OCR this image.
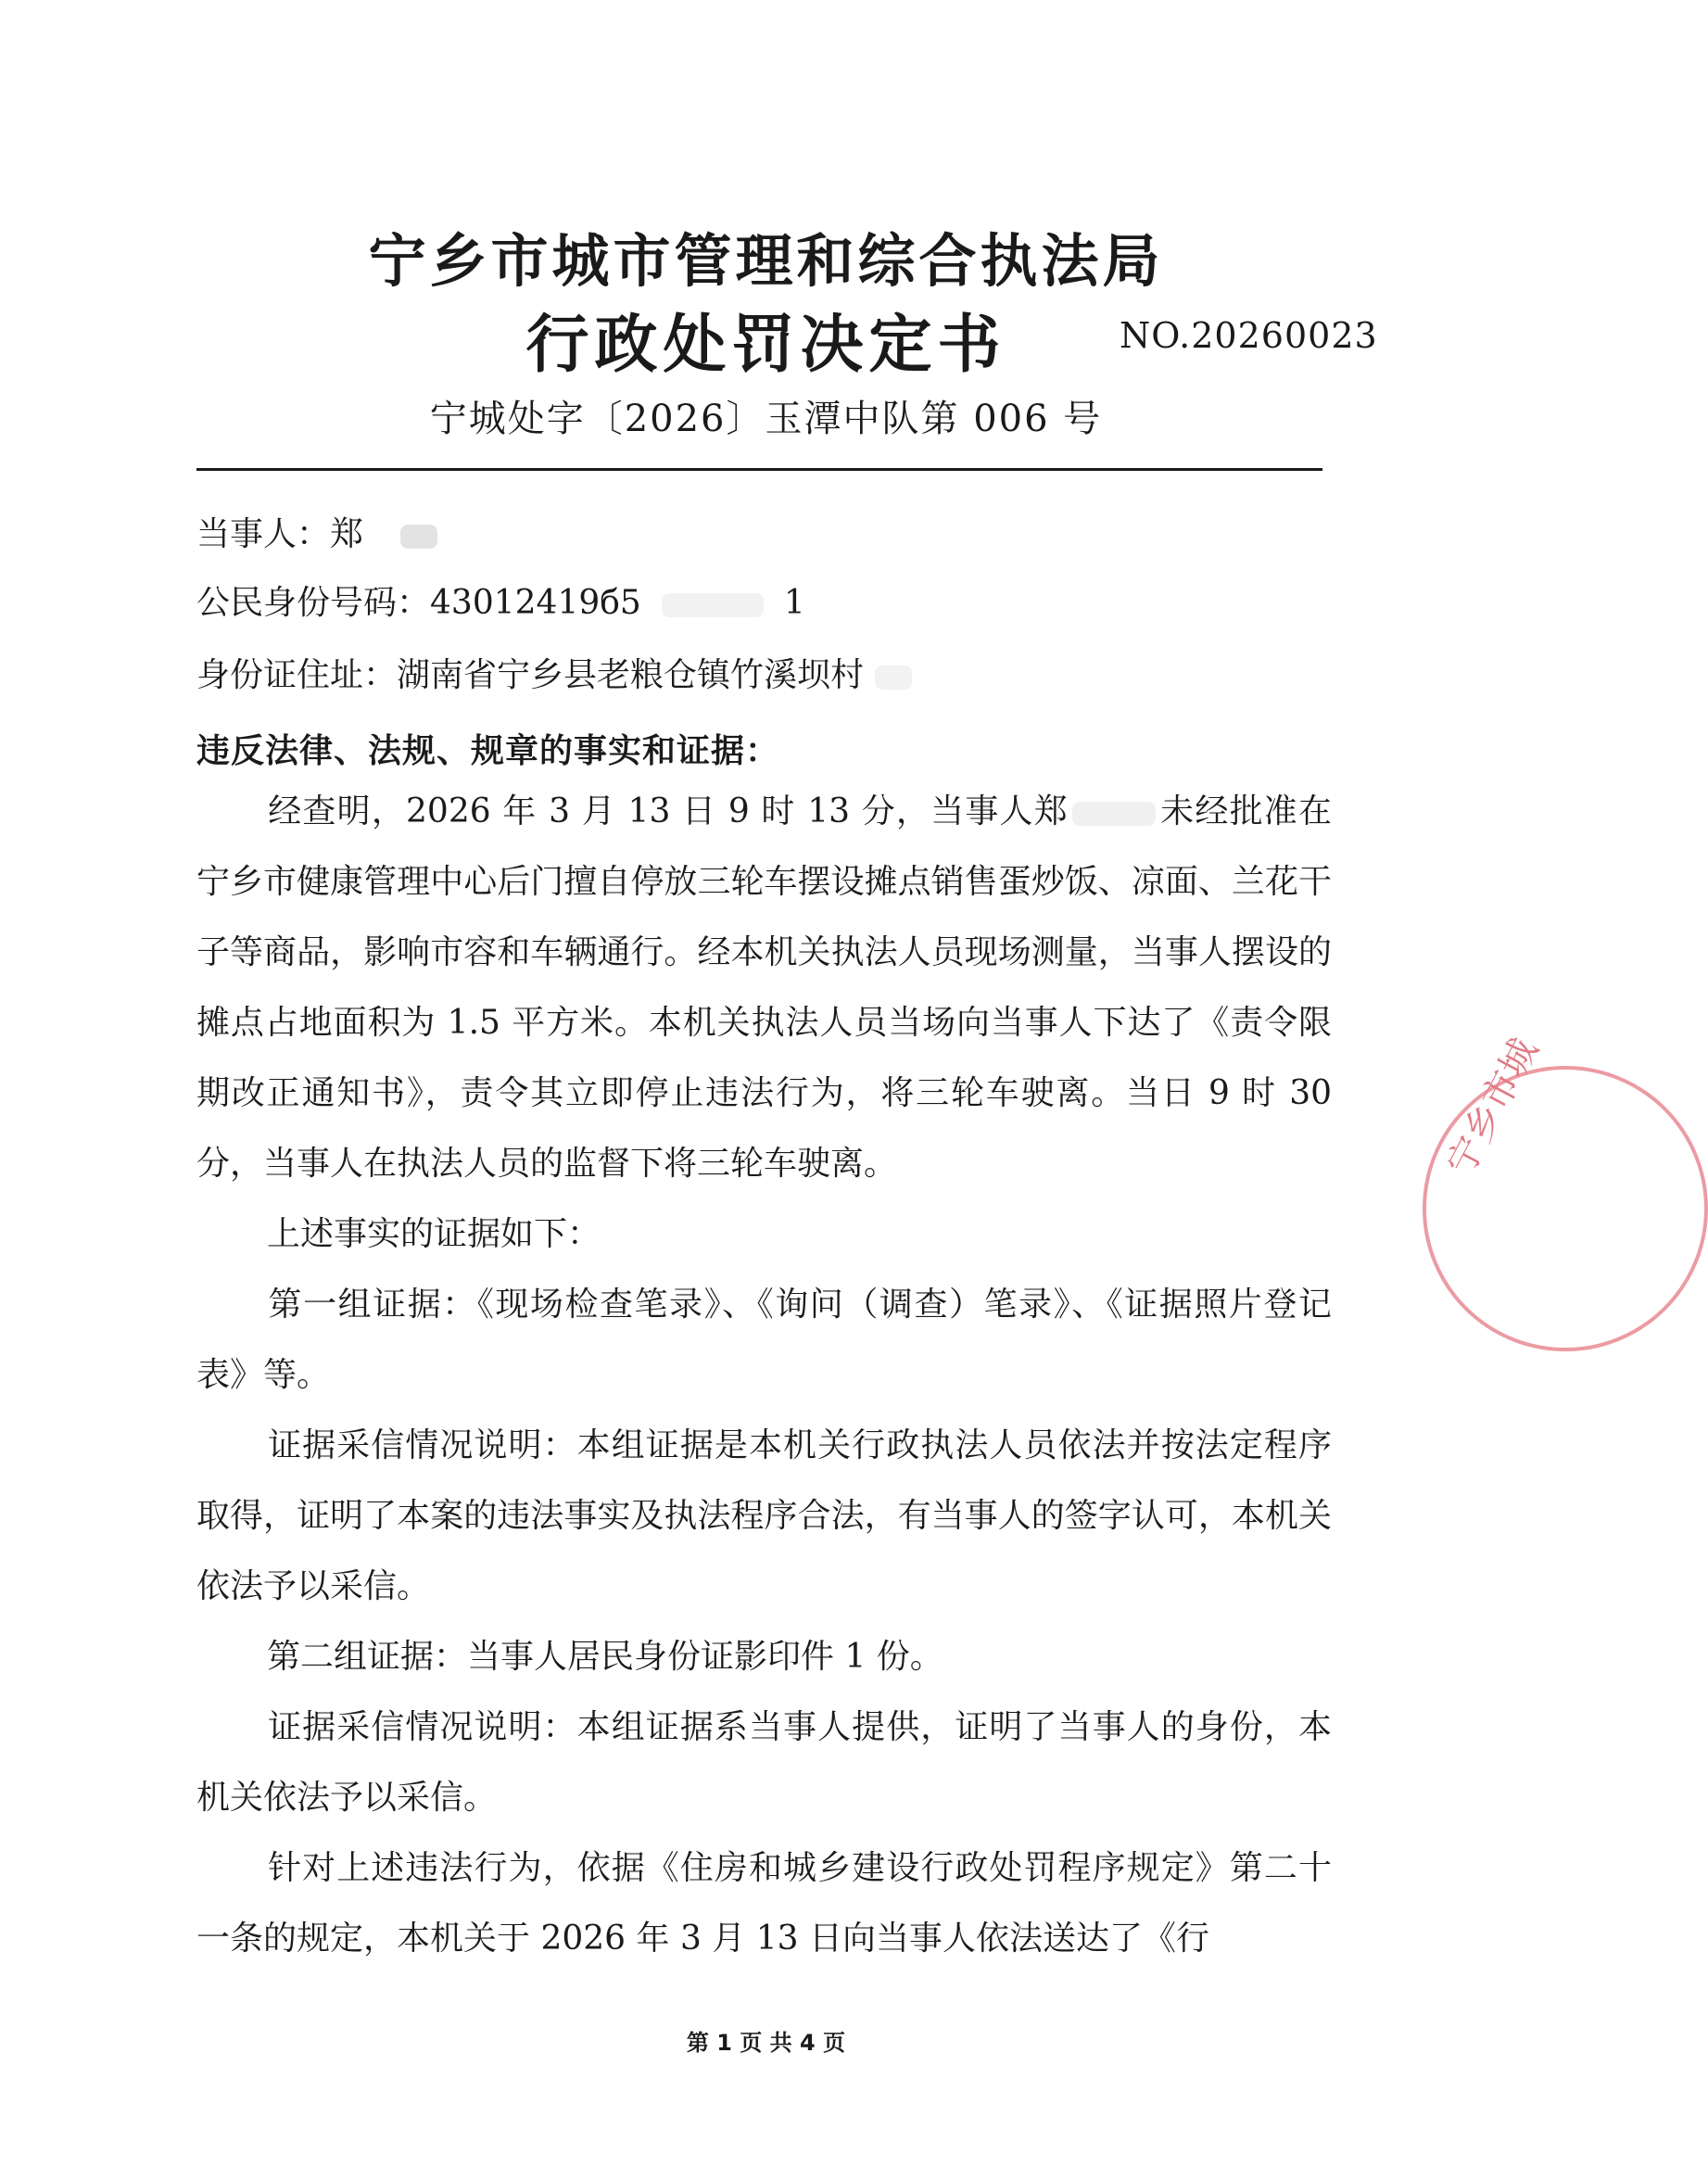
宁乡市城市管理和综合执法局
行政处罚决定书	NO.20260023
宁城处字〔2026〕玉潭中队第 006 号
当事人：郑
公民身份号码：43012419б5	1
身份证住址：湖南省宁乡县老粮仓镇竹溪坝村
违反法律、法规、规章的事实和证据：
经查明，2026 年 3 月 13 日 9 时 13 分，当事人郑	未经批准在宁乡市健康管理中心后门擅自停放三轮车摆设摊点销售蛋炒饭、凉面、兰花干子等商品，影响市容和车辆通行。经本机关执法人员现场测量，当事人摆设的摊点占地面积为 1.5 平方米。本机关执法人员当场向当事人下达了《责令限期改正通知书》，责令其立即停止违法行为，将三轮车驶离。当日 9 时 30 分，当事人在执法人员的监督下将三轮车驶离。
上述事实的证据如下：
第一组证据：《现场检查笔录》、《询问（调查）笔录》、《证据照片登记表》等。
证据采信情况说明：本组证据是本机关行政执法人员依法并按法定程序取得，证明了本案的违法事实及执法程序合法，有当事人的签字认可，本机关依法予以采信。
第二组证据：当事人居民身份证影印件 1 份。
证据采信情况说明：本组证据系当事人提供，证明了当事人的身份，本机关依法予以采信。
针对上述违法行为，依据《住房和城乡建设行政处罚程序规定》第二十一条的规定，本机关于 2026 年 3 月 13 日向当事人依法送达了《行
第 1 页 共 4 页
宁乡市城
